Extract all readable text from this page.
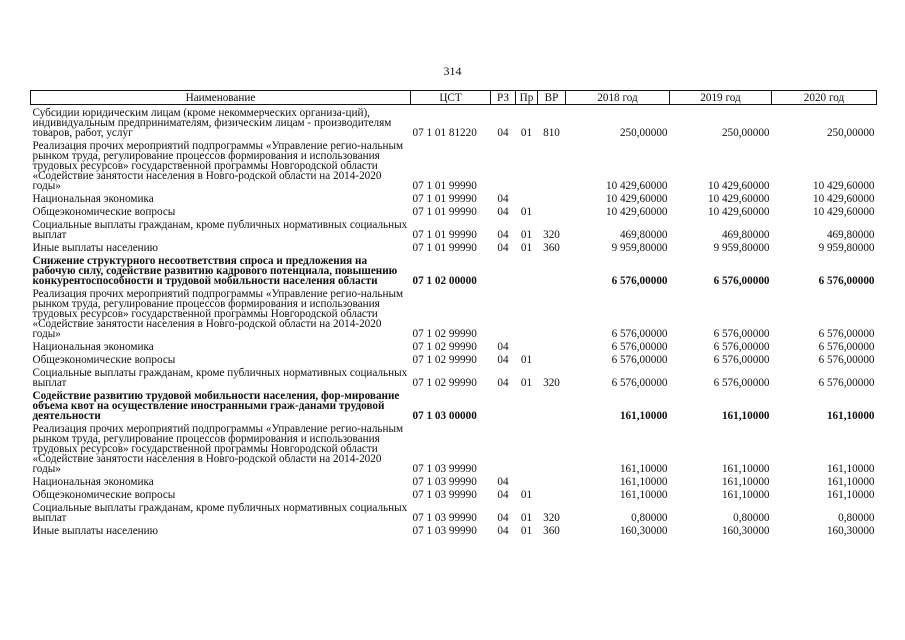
314
Наименование	ЦСТ	РЗ	Пр	ВР	2018 год	2019 год	2020 год
Субсидии юридическим лицам (кроме некоммерческих организа-ций), индивидуальным предпринимателям, физическим лицам - производителям товаров, работ, услуг	07 1 01 81220	04	01	810	250,00000	250,00000	250,00000
Реализация прочих мероприятий подпрограммы «Управление регио-нальным рынком труда, регулирование процессов формирования и использования трудовых ресурсов» государственной программы Новгородской области «Содействие занятости населения в Новго-родской области на 2014-2020 годы»	07 1 01 99990				10 429,60000	10 429,60000	10 429,60000
Национальная экономика	07 1 01 99990	04			10 429,60000	10 429,60000	10 429,60000
Общеэкономические вопросы	07 1 01 99990	04	01		10 429,60000	10 429,60000	10 429,60000
Социальные выплаты гражданам, кроме публичных нормативных социальных выплат	07 1 01 99990	04	01	320	469,80000	469,80000	469,80000
Иные выплаты населению	07 1 01 99990	04	01	360	9 959,80000	9 959,80000	9 959,80000
Снижение структурного несоответствия спроса и предложения на рабочую силу, содействие развитию кадрового потенциала, повышению конкурентоспособности и трудовой мобильности населения области	07 1 02 00000				6 576,00000	6 576,00000	6 576,00000
Реализация прочих мероприятий подпрограммы «Управление регио-нальным рынком труда, регулирование процессов формирования и использования трудовых ресурсов» государственной программы Новгородской области «Содействие занятости населения в Новго-родской области на 2014-2020 годы»	07 1 02 99990				6 576,00000	6 576,00000	6 576,00000
Национальная экономика	07 1 02 99990	04			6 576,00000	6 576,00000	6 576,00000
Общеэкономические вопросы	07 1 02 99990	04	01		6 576,00000	6 576,00000	6 576,00000
Социальные выплаты гражданам, кроме публичных нормативных социальных выплат	07 1 02 99990	04	01	320	6 576,00000	6 576,00000	6 576,00000
Содействие развитию трудовой мобильности населения, фор-мирование объема квот на осуществление иностранными граж-данами трудовой деятельности	07 1 03 00000				161,10000	161,10000	161,10000
Реализация прочих мероприятий подпрограммы «Управление регио-нальным рынком труда, регулирование процессов формирования и использования трудовых ресурсов» государственной программы Новгородской области «Содействие занятости населения в Новго-родской области на 2014-2020 годы»	07 1 03 99990				161,10000	161,10000	161,10000
Национальная экономика	07 1 03 99990	04			161,10000	161,10000	161,10000
Общеэкономические вопросы	07 1 03 99990	04	01		161,10000	161,10000	161,10000
Социальные выплаты гражданам, кроме публичных нормативных социальных выплат	07 1 03 99990	04	01	320	0,80000	0,80000	0,80000
Иные выплаты населению	07 1 03 99990	04	01	360	160,30000	160,30000	160,30000
